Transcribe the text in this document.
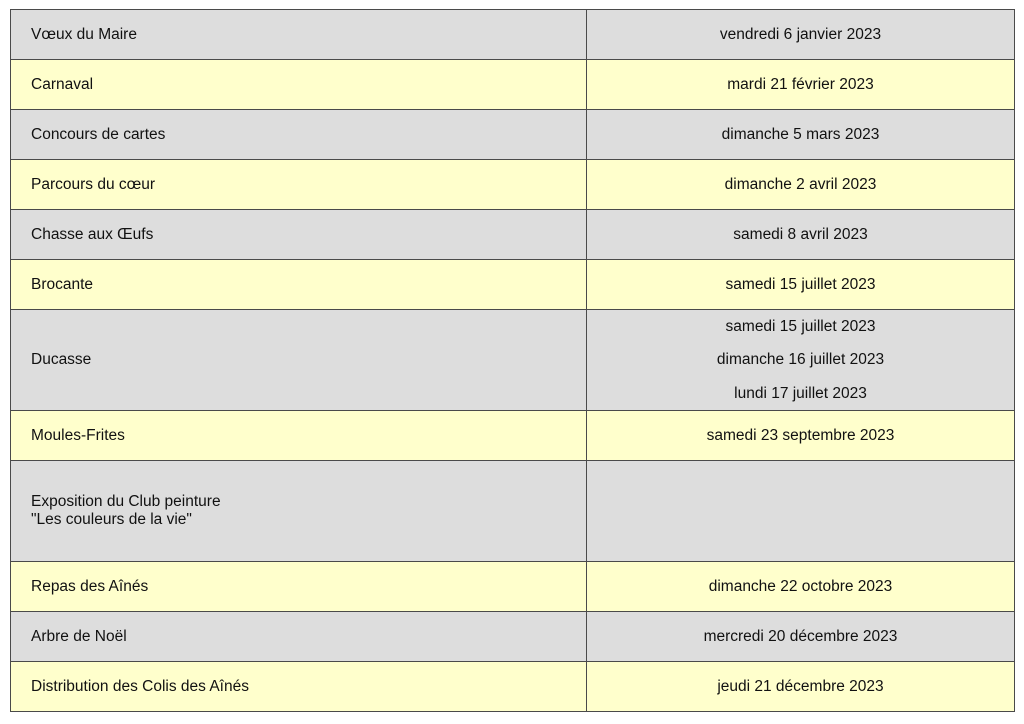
Vœux du Maire	vendredi 6 janvier 2023

Carnaval	mardi 21 février 2023

Concours de cartes	dimanche 5 mars 2023

Parcours du cœur	dimanche 2 avril 2023

Chasse aux Œufs	samedi 8 avril 2023

Brocante	samedi 15 juillet 2023

Ducasse	samedi 15 juillet 2023
dimanche 16 juillet 2023
lundi 17 juillet 2023

Moules-Frites	samedi 23 septembre 2023

Exposition du Club peinture
"Les couleurs de la vie"	

Repas des Aînés	dimanche 22 octobre 2023

Arbre de Noël	mercredi 20 décembre 2023

Distribution des Colis des Aînés	jeudi 21 décembre 2023
